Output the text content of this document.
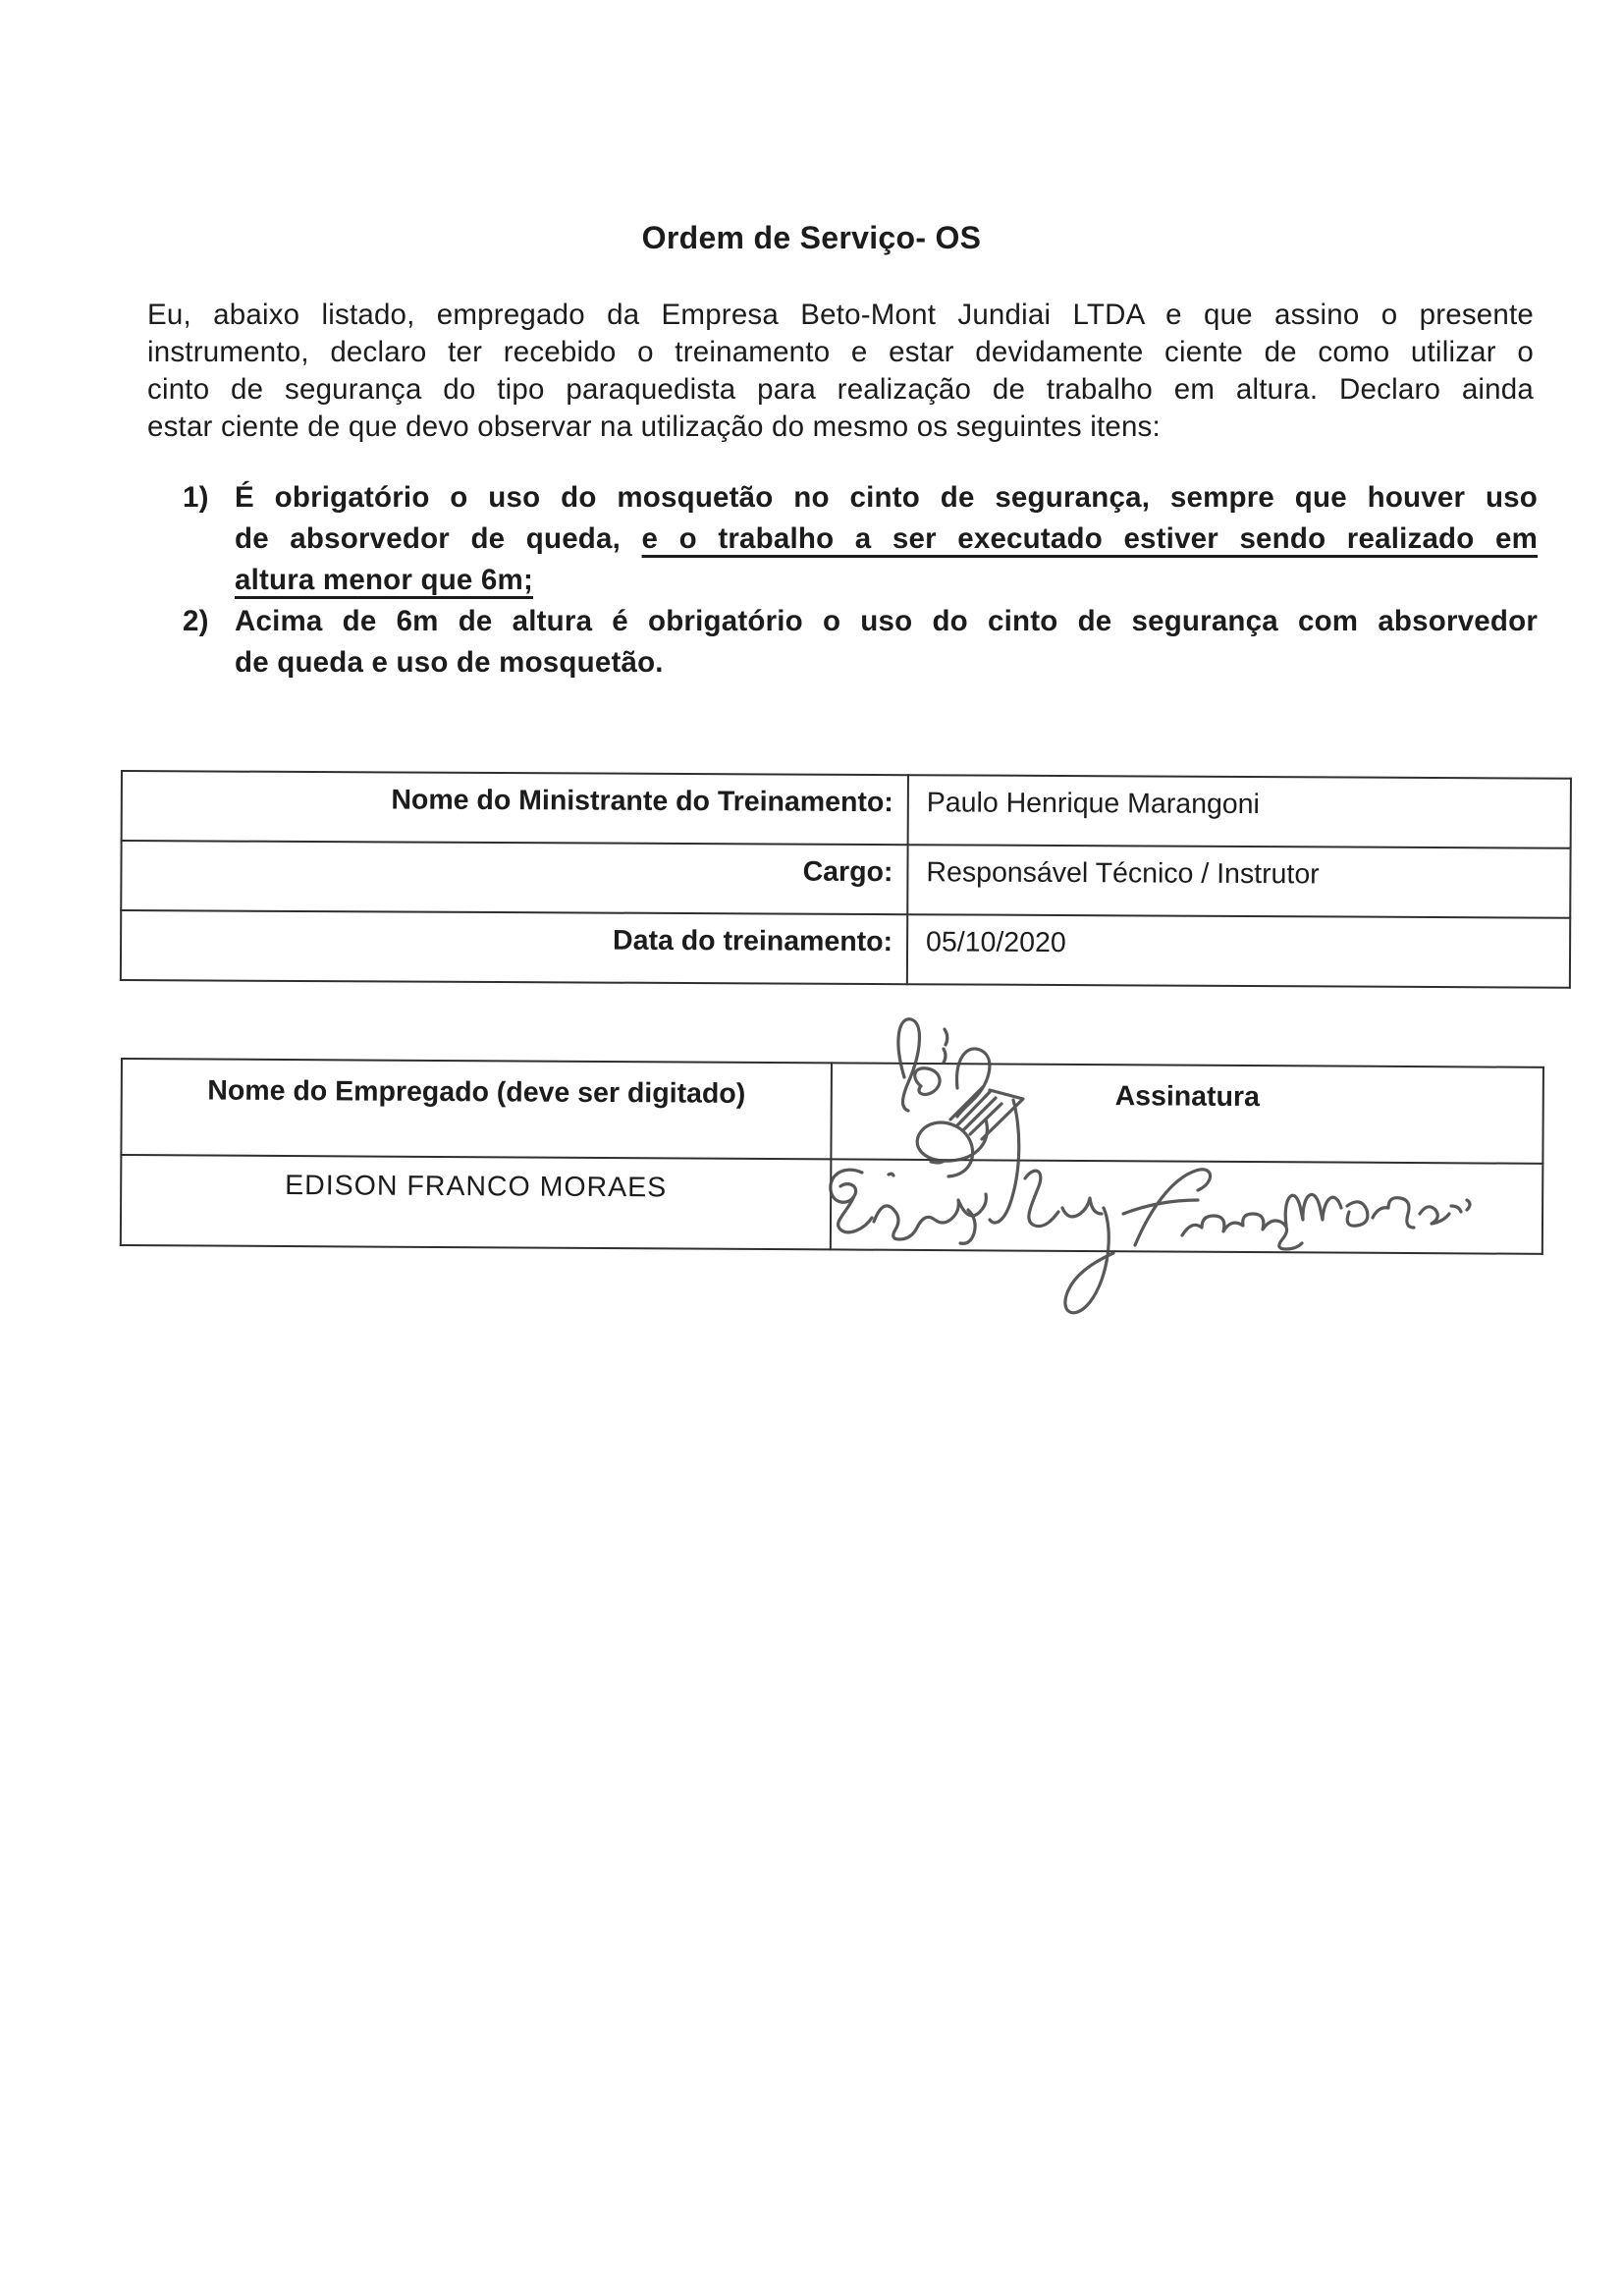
Ordem de Serviço- OS
Eu, abaixo listado, empregado da Empresa Beto-Mont Jundiai LTDA e que assino o presente
instrumento, declaro ter recebido o treinamento e estar devidamente ciente de como utilizar o
cinto de segurança do tipo paraquedista para realização de trabalho em altura. Declaro ainda
estar ciente de que devo observar na utilização do mesmo os seguintes itens:
1) É obrigatório o uso do mosquetão no cinto de segurança, sempre que houver uso
de absorvedor de queda, e o trabalho a ser executado estiver sendo realizado em
altura menor que 6m;
2) Acima de 6m de altura é obrigatório o uso do cinto de segurança com absorvedor
de queda e uso de mosquetão.
Nome do Ministrante do Treinamento:	Paulo Henrique Marangoni
Cargo:	Responsável Técnico / Instrutor
Data do treinamento:	05/10/2020
Nome do Empregado (deve ser digitado)	Assinatura
EDISON FRANCO MORAES	
